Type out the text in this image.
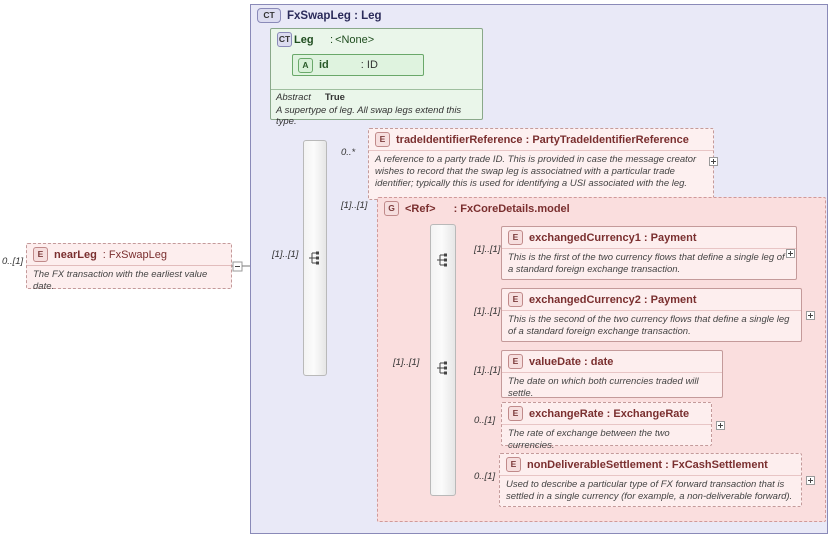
CT	FxSwapLeg : Leg
CT Leg	: <None>
A id	: ID
Abstract True
A supertype of leg. All swap legs extend this type.
E nearLeg : FxSwapLeg
The FX transaction with the earliest value date.
0..[1]
[1]..[1]
E tradeIdentifierReference : PartyTradeIdentifierReference
A reference to a party trade ID. This is provided in case the message creator wishes to record that the swap leg is associatned with a particular trade identifier; typically this is used for identifying a USI associated with the leg.
0..*
G <Ref> : FxCoreDetails.model
[1]..[1]
[1]..[1]
E exchangedCurrency1 : Payment
This is the first of the two currency flows that define a single leg of a standard foreign exchange transaction.
[1]..[1]
E exchangedCurrency2 : Payment
This is the second of the two currency flows that define a single leg of a standard foreign exchange transaction.
[1]..[1]
E valueDate : date
The date on which both currencies traded will settle.
[1]..[1]
E exchangeRate : ExchangeRate
The rate of exchange between the two currencies.
0..[1]
E nonDeliverableSettlement : FxCashSettlement
Used to describe a particular type of FX forward transaction that is settled in a single currency (for example, a non-deliverable forward).
0..[1]
